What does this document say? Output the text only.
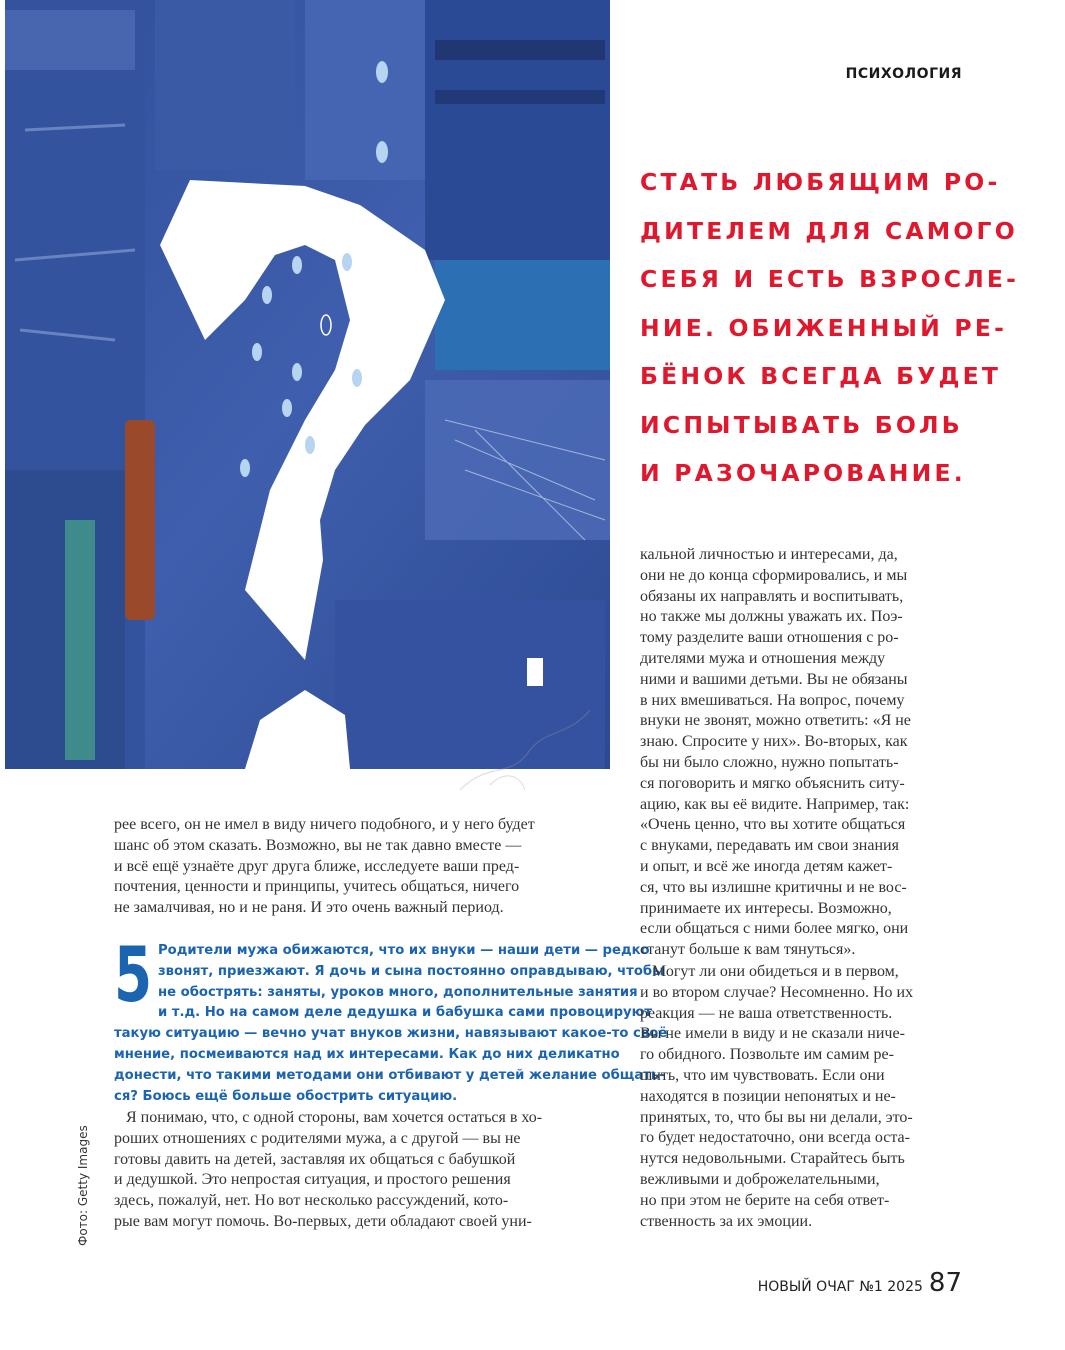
ПСИХОЛОГИЯ
СТАТЬ ЛЮБЯЩИМ РО-
ДИТЕЛЕМ ДЛЯ САМОГО
СЕБЯ И ЕСТЬ ВЗРОСЛЕ-
НИЕ. ОБИЖЕННЫЙ РЕ-
БЁНОК ВСЕГДА БУДЕТ
ИСПЫТЫВАТЬ БОЛЬ
И РАЗОЧАРОВАНИЕ.
рее всего, он не имел в виду ничего подобного, и у него будет
шанс об этом сказать. Возможно, вы не так давно вместе —
и всё ещё узнаёте друг друга ближе, исследуете ваши пред-
почтения, ценности и принципы, учитесь общаться, ничего
не замалчивая, но и не раня. И это очень важный период.
5 Родители мужа обижаются, что их внуки — наши дети — редко
звонят, приезжают. Я дочь и сына постоянно оправдываю, чтобы
не обострять: заняты, уроков много, дополнительные занятия
и т.д. Но на самом деле дедушка и бабушка сами провоцируют
такую ситуацию — вечно учат внуков жизни, навязывают какое-то своё
мнение, посмеиваются над их интересами. Как до них деликатно
донести, что такими методами они отбивают у детей желание общать-
ся? Боюсь ещё больше обострить ситуацию.
Я понимаю, что, с одной стороны, вам хочется остаться в хо-
роших отношениях с родителями мужа, а с другой — вы не
готовы давить на детей, заставляя их общаться с бабушкой
и дедушкой. Это непростая ситуация, и простого решения
здесь, пожалуй, нет. Но вот несколько рассуждений, кото-
рые вам могут помочь. Во-первых, дети обладают своей уни-
кальной личностью и интересами, да,
они не до конца сформировались, и мы
обязаны их направлять и воспитывать,
но также мы должны уважать их. Поэ-
тому разделите ваши отношения с ро-
дителями мужа и отношения между
ними и вашими детьми. Вы не обязаны
в них вмешиваться. На вопрос, почему
внуки не звонят, можно ответить: «Я не
знаю. Спросите у них». Во-вторых, как
бы ни было сложно, нужно попытать-
ся поговорить и мягко объяснить ситу-
ацию, как вы её видите. Например, так:
«Очень ценно, что вы хотите общаться
с внуками, передавать им свои знания
и опыт, и всё же иногда детям кажет-
ся, что вы излишне критичны и не вос-
принимаете их интересы. Возможно,
если общаться с ними более мягко, они
станут больше к вам тянуться».
Могут ли они обидеться и в первом,
и во втором случае? Несомненно. Но их
реакция — не ваша ответственность.
Вы не имели в виду и не сказали ниче-
го обидного. Позвольте им самим ре-
шить, что им чувствовать. Если они
находятся в позиции непонятых и не-
принятых, то, что бы вы ни делали, это-
го будет недостаточно, они всегда оста-
нутся недовольными. Старайтесь быть
вежливыми и доброжелательными,
но при этом не берите на себя ответ-
ственность за их эмоции.
Фото: Getty Images
НОВЫЙ ОЧАГ №1 2025 87
